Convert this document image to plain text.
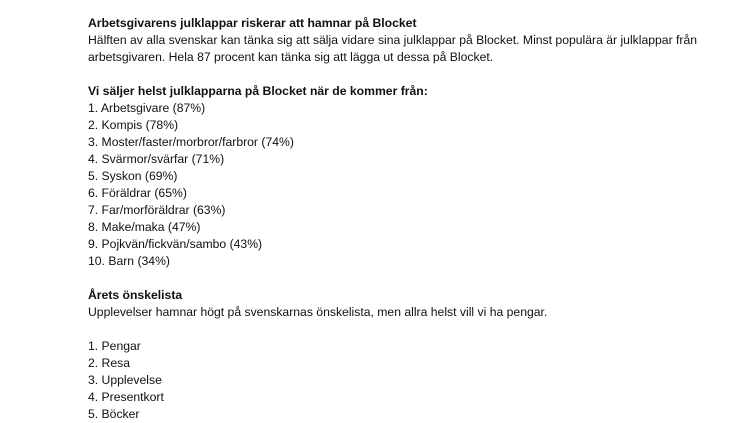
Arbetsgivarens julklappar riskerar att hamnar på Blocket

Hälften av alla svenskar kan tänka sig att sälja vidare sina julklappar på Blocket. Minst populära är julklappar från arbetsgivaren. Hela 87 procent kan tänka sig att lägga ut dessa på Blocket.

Vi säljer helst julklapparna på Blocket när de kommer från:

1. Arbetsgivare (87%)
2. Kompis (78%)
3. Moster/faster/morbror/farbror (74%)
4. Svärmor/svärfar (71%)
5. Syskon (69%)
6. Föräldrar (65%)
7. Far/morföräldrar (63%)
8. Make/maka (47%)
9. Pojkvän/fickvän/sambo (43%)
10. Barn (34%)

Årets önskelista

Upplevelser hamnar högt på svenskarnas önskelista, men allra helst vill vi ha pengar.

1. Pengar
2. Resa
3. Upplevelse
4. Presentkort
5. Böcker
